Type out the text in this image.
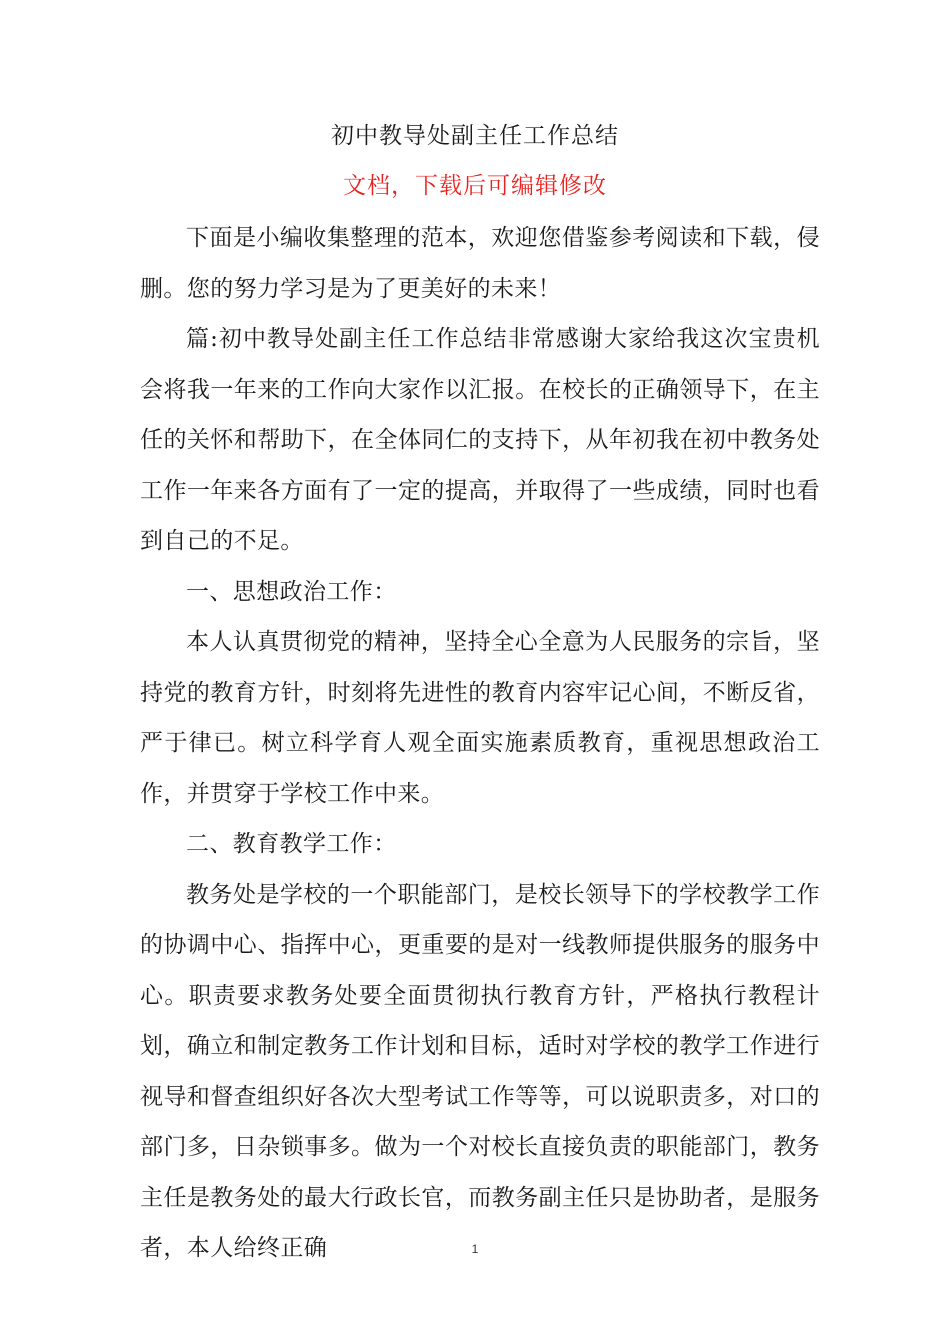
初中教导处副主任工作总结
文档，下载后可编辑修改

下面是小编收集整理的范本，欢迎您借鉴参考阅读和下载，侵删。您的努力学习是为了更美好的未来！

篇:初中教导处副主任工作总结非常感谢大家给我这次宝贵机会将我一年来的工作向大家作以汇报。在校长的正确领导下，在主任的关怀和帮助下，在全体同仁的支持下，从年初我在初中教务处工作一年来各方面有了一定的提高，并取得了一些成绩，同时也看到自己的不足。

一、思想政治工作：

本人认真贯彻党的精神，坚持全心全意为人民服务的宗旨，坚持党的教育方针，时刻将先进性的教育内容牢记心间，不断反省，严于律已。树立科学育人观全面实施素质教育，重视思想政治工作，并贯穿于学校工作中来。

二、教育教学工作：

教务处是学校的一个职能部门，是校长领导下的学校教学工作的协调中心、指挥中心，更重要的是对一线教师提供服务的服务中心。职责要求教务处要全面贯彻执行教育方针，严格执行教程计划，确立和制定教务工作计划和目标，适时对学校的教学工作进行视导和督查组织好各次大型考试工作等等，可以说职责多，对口的部门多，日杂锁事多。做为一个对校长直接负责的职能部门，教务主任是教务处的最大行政长官，而教务副主任只是协助者，是服务者，本人给终正确	1
